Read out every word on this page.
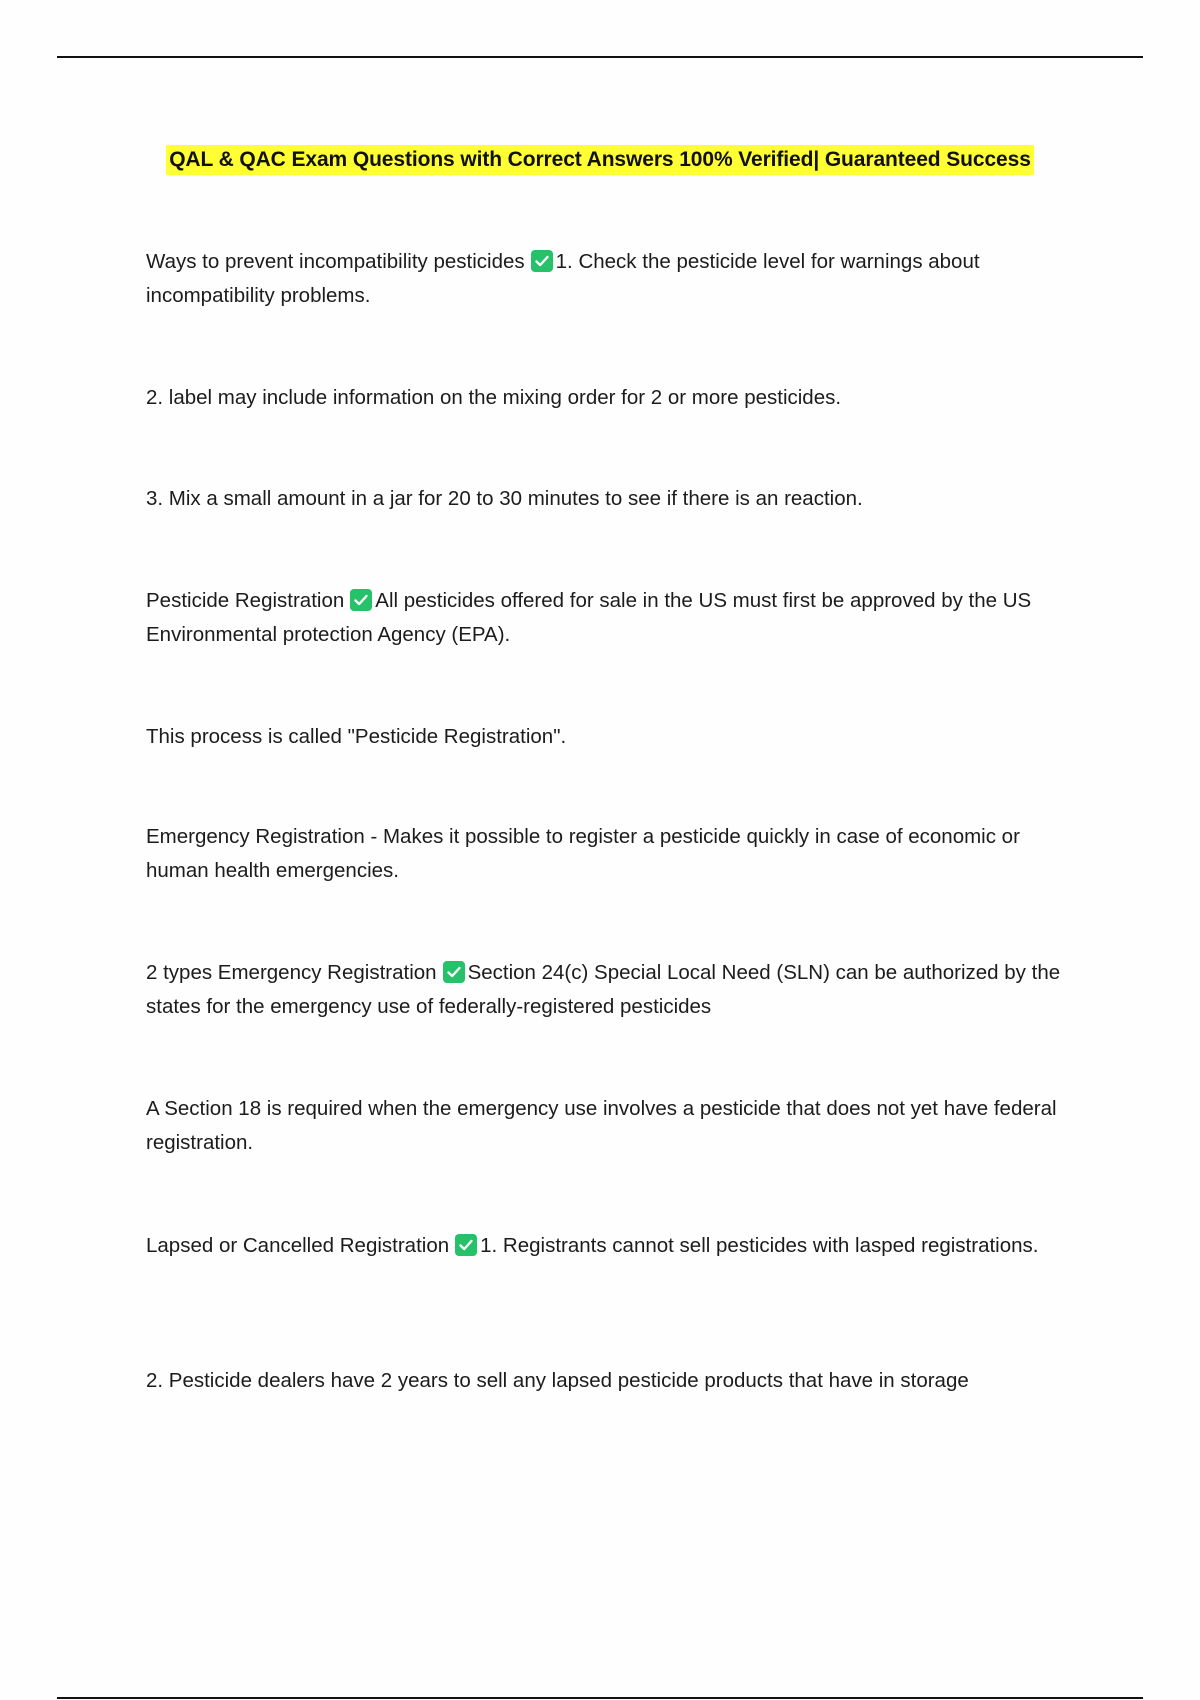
QAL & QAC Exam Questions with Correct Answers 100% Verified| Guaranteed Success

Ways to prevent incompatibility pesticides 1. Check the pesticide level for warnings about incompatibility problems.

2. label may include information on the mixing order for 2 or more pesticides.

3. Mix a small amount in a jar for 20 to 30 minutes to see if there is an reaction.

Pesticide Registration All pesticides offered for sale in the US must first be approved by the US Environmental protection Agency (EPA).

This process is called "Pesticide Registration".

Emergency Registration - Makes it possible to register a pesticide quickly in case of economic or human health emergencies.

2 types Emergency Registration Section 24(c) Special Local Need (SLN) can be authorized by the states for the emergency use of federally-registered pesticides

A Section 18 is required when the emergency use involves a pesticide that does not yet have federal registration.

Lapsed or Cancelled Registration 1. Registrants cannot sell pesticides with lasped registrations.

2. Pesticide dealers have 2 years to sell any lapsed pesticide products that have in storage
